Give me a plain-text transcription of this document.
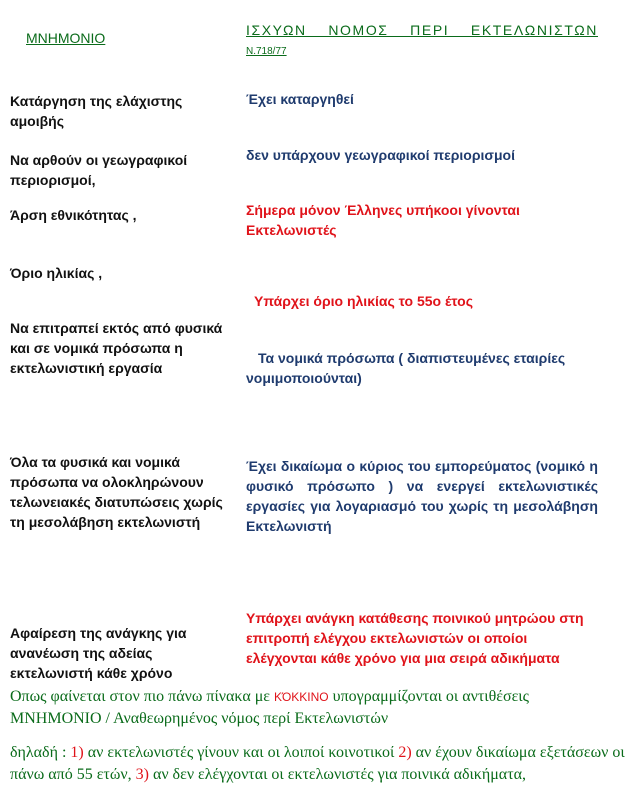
ΜΝΗΜΟΝΙΟ	ΙΣΧΥΩΝ ΝΟΜΟΣ ΠΕΡΙ ΕΚΤΕΛΩΝΙΣΤΩΝ
Ν.718/77
Κατάργηση της ελάχιστης αμοιβής
Έχει καταργηθεί
Να αρθούν οι γεωγραφικοί περιορισμοί,
δεν υπάρχουν γεωγραφικοί περιορισμοί
Άρση εθνικότητας ,	Σήμερα μόνον Έλληνες υπήκοοι γίνονται Εκτελωνιστές
Όριο ηλικίας ,
Υπάρχει όριο ηλικίας το 55ο έτος
Να επιτραπεί εκτός από φυσικά και σε νομικά πρόσωπα η εκτελωνιστική εργασία
Τα νομικά πρόσωπα ( διαπιστευμένες εταιρίες νομιμοποιούνται)
Όλα τα φυσικά και νομικά πρόσωπα να ολοκληρώνουν τελωνειακές διατυπώσεις χωρίς τη μεσολάβηση εκτελωνιστή
Έχει δικαίωμα ο κύριος του εμπορεύματος (νομικό η φυσικό πρόσωπο ) να ενεργεί εκτελωνιστικές εργασίες για λογαριασμό του χωρίς τη μεσολάβηση Εκτελωνιστή
Αφαίρεση της ανάγκης για ανανέωση της αδείας εκτελωνιστή κάθε χρόνο
Υπάρχει ανάγκη κατάθεσης ποινικού μητρώου στη επιτροπή ελέγχου εκτελωνιστών οι οποίοι ελέγχονται κάθε χρόνο για μια σειρά αδικήματα
Οπως φαίνεται στον πιο πάνω πίνακα με ΚΌΚΚΙΝΟ υπογραμμίζονται οι αντιθέσεις
ΜΝΗΜΟΝΙΟ / Αναθεωρημένος νόμος περί Εκτελωνιστών
δηλαδή : 1) αν εκτελωνιστές γίνουν και οι λοιποί κοινοτικοί 2) αν έχουν δικαίωμα εξετάσεων οι πάνω από 55 ετών, 3) αν δεν ελέγχονται οι εκτελωνιστές για ποινικά αδικήματα,
